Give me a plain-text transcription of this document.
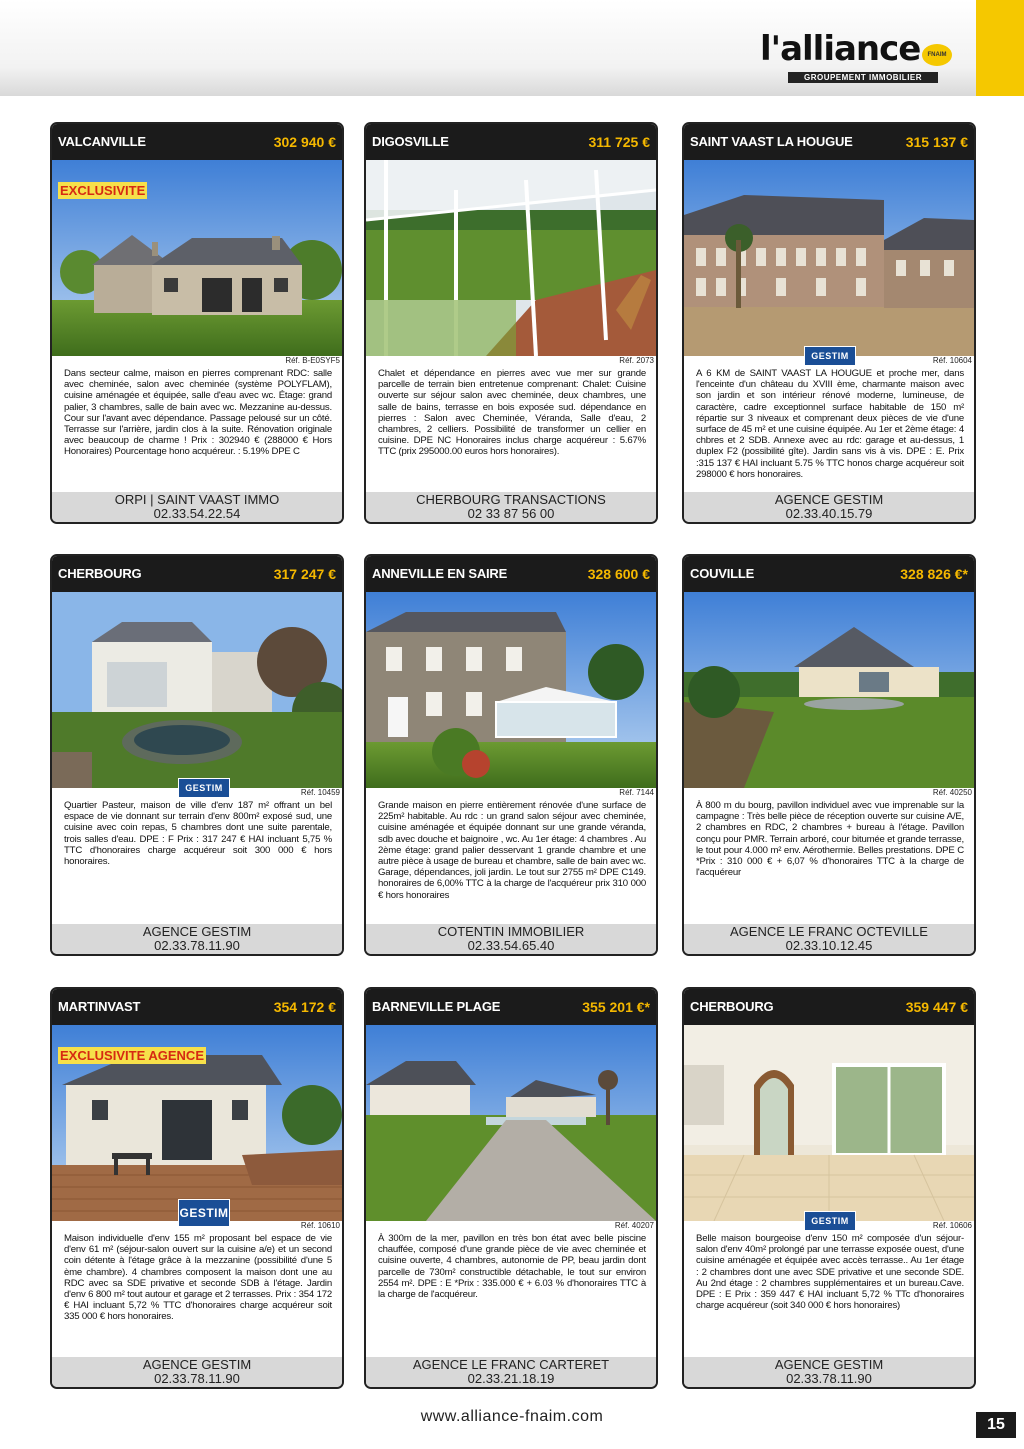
l'alliance	FNAIM
GROUPEMENT IMMOBILIER
VALCANVILLE	302 940 €
EXCLUSIVITE
Réf. B-E0SYF5
Dans secteur calme, maison en pierres comprenant RDC: salle avec cheminée, salon avec cheminée (système POLYFLAM), cuisine aménagée et équipée, salle d'eau avec wc. Étage: grand palier, 3 chambres, salle de bain avec wc. Mezzanine au-dessus. Cour sur l'avant avec dépendance. Passage pelousé sur un côté. Terrasse sur l'arrière, jardin clos à la suite. Rénovation originale avec beaucoup de charme ! Prix : 302940 € (288000 € Hors Honoraires) Pourcentage hono acquéreur. : 5.19% DPE C
ORPI | SAINT VAAST IMMO
02.33.54.22.54
DIGOSVILLE	311 725 €
Réf. 2073
Chalet et dépendance en pierres avec vue mer sur grande parcelle de terrain bien entretenue comprenant: Chalet: Cuisine ouverte sur séjour salon avec cheminée, deux chambres, une salle de bains, terrasse en bois exposée sud. dépendance en pierres : Salon avec Cheminée, Véranda, Salle d'eau, 2 chambres, 2 celliers. Possibilité de transformer un cellier en cuisine. DPE NC Honoraires inclus charge acquéreur : 5.67% TTC (prix 295000.00 euros hors honoraires).
CHERBOURG TRANSACTIONS
02 33 87 56 00
SAINT VAAST LA HOUGUE	315 137 €
GESTIM	Réf. 10604
A 6 KM de SAINT VAAST LA HOUGUE et proche mer, dans l'enceinte d'un château du XVIII ème, charmante maison avec son jardin et son intérieur rénové moderne, lumineuse, de caractère, cadre exceptionnel surface habitable de 150 m² répartie sur 3 niveaux et comprenant deux pièces de vie d'une surface de 45 m² et une cuisine équipée. Au 1er et 2ème étage: 4 chbres et 2 SDB. Annexe avec au rdc: garage et au-dessus, 1 duplex F2 (possibilité gîte). Jardin sans vis à vis. DPE : E. Prix :315 137 € HAI incluant 5.75 % TTC honos charge acquéreur soit 298000 € hors honoraires.
AGENCE GESTIM
02.33.40.15.79
CHERBOURG	317 247 €
GESTIM	Réf. 10459
Quartier Pasteur, maison de ville d'env 187 m² offrant un bel espace de vie donnant sur terrain d'env 800m² exposé sud, une cuisine avec coin repas, 5 chambres dont une suite parentale, trois salles d'eau. DPE : F Prix : 317 247 € HAI incluant 5,75 % TTC d'honoraires charge acquéreur soit 300 000 € hors honoraires.
AGENCE GESTIM
02.33.78.11.90
ANNEVILLE EN SAIRE	328 600 €
Réf. 7144
Grande maison en pierre entièrement rénovée d'une surface de 225m² habitable. Au rdc : un grand salon séjour avec cheminée, cuisine aménagée et équipée donnant sur une grande véranda, sdb avec douche et baignoire , wc. Au 1er étage: 4 chambres . Au 2ème étage: grand palier desservant 1 grande chambre et une autre pièce à usage de bureau et chambre, salle de bain avec wc. Garage, dépendances, joli jardin. Le tout sur 2755 m² DPE C149. honoraires de 6,00% TTC à la charge de l'acquéreur prix 310 000 € hors honoraires
COTENTIN IMMOBILIER
02.33.54.65.40
COUVILLE	328 826 €*
Réf. 40250
À 800 m du bourg, pavillon individuel avec vue imprenable sur la campagne : Très belle pièce de réception ouverte sur cuisine A/E, 2 chambres en RDC, 2 chambres + bureau à l'étage. Pavillon conçu pour PMR. Terrain arboré, cour bitumée et grande terrasse, le tout pour 4.000 m² env. Aérothermie. Belles prestations. DPE C *Prix : 310 000 € + 6,07 % d'honoraires TTC à la charge de l'acquéreur
AGENCE LE FRANC OCTEVILLE
02.33.10.12.45
MARTINVAST	354 172 €
EXCLUSIVITE AGENCE
GESTIM
Réf. 10610
Maison individuelle d'env 155 m² proposant bel espace de vie d'env 61 m² (séjour-salon ouvert sur la cuisine a/e) et un second coin détente à l'étage grâce à la mezzanine (possibilité d'une 5 ème chambre). 4 chambres composent la maison dont une au RDC avec sa SDE privative et seconde SDB à l'étage. Jardin d'env 6 800 m² tout autour et garage et 2 terrasses. Prix : 354 172 € HAI incluant 5,72 % TTC d'honoraires charge acquéreur soit 335 000 € hors honoraires.
AGENCE GESTIM
02.33.78.11.90
BARNEVILLE PLAGE	355 201 €*
Réf. 40207
À 300m de la mer, pavillon en très bon état avec belle piscine chauffée, composé d'une grande pièce de vie avec cheminée et cuisine ouverte, 4 chambres, autonomie de PP, beau jardin dont parcelle de 730m² constructible détachable, le tout sur environ 2554 m². DPE : E *Prix : 335.000 € + 6.03 % d'honoraires TTC à la charge de l'acquéreur.
AGENCE LE FRANC CARTERET
02.33.21.18.19
CHERBOURG	359 447 €
GESTIM	Réf. 10606
Belle maison bourgeoise d'env 150 m² composée d'un séjour-salon d'env 40m² prolongé par une terrasse exposée ouest, d'une cuisine aménagée et équipée avec accès terrasse.. Au 1er étage : 2 chambres dont une avec SDE privative et une seconde SDE. Au 2nd étage : 2 chambres supplémentaires et un bureau.Cave. DPE : E Prix : 359 447 € HAI incluant 5,72 % TTc d'honoraires charge acquéreur (soit 340 000 € hors honoraires)
AGENCE GESTIM
02.33.78.11.90
www.alliance-fnaim.com	15
